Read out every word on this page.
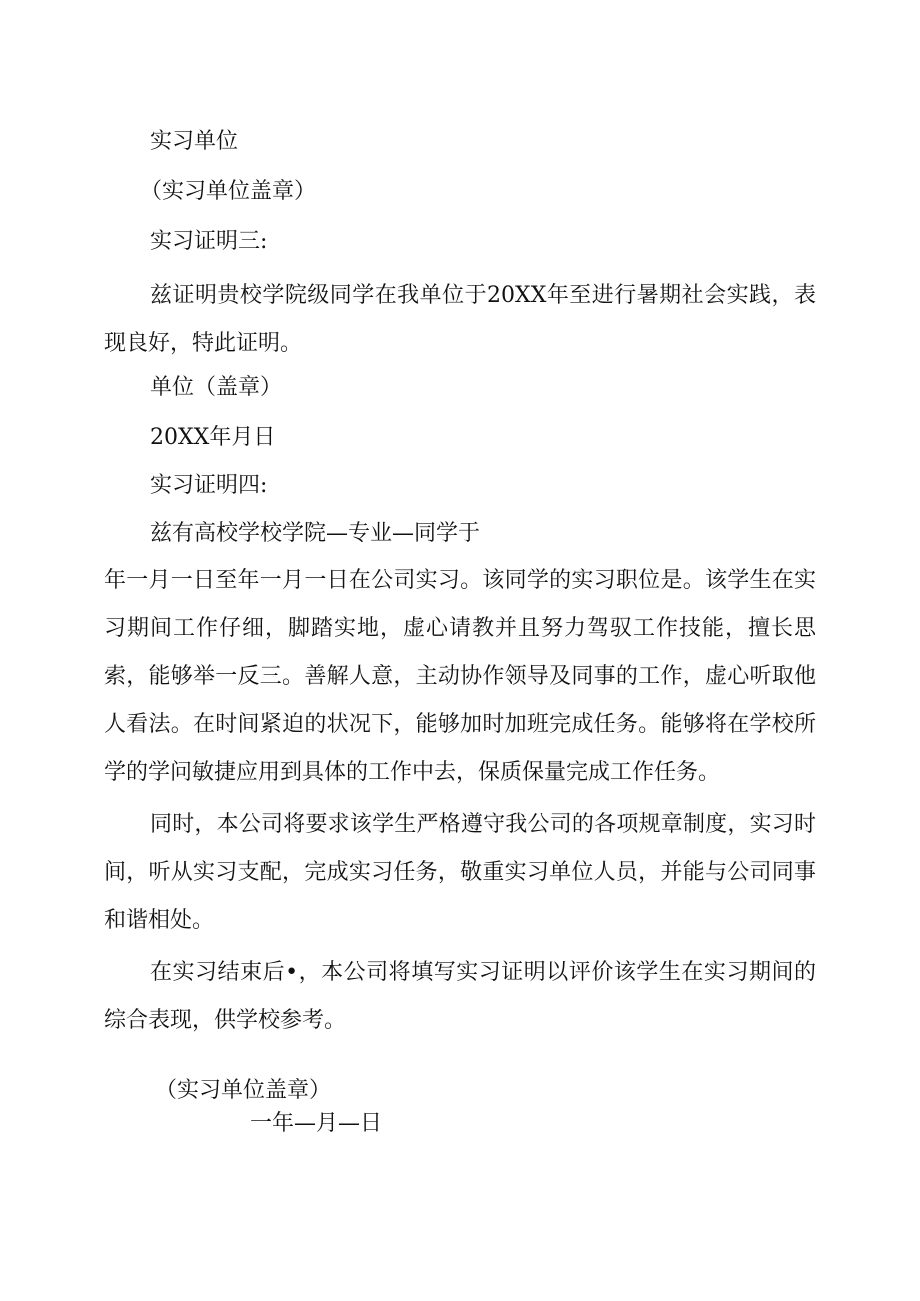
实习单位
（实习单位盖章）
实习证明三:
兹证明贵校学院级同学在我单位于20XX年至进行暑期社会实践，表现良好，特此证明。
单位（盖章）
20XX年月日
实习证明四:
兹有高校学校学院—专业—同学于
年一月一日至年一月一日在公司实习。该同学的实习职位是。该学生在实习期间工作仔细，脚踏实地，虚心请教并且努力驾驭工作技能，擅长思索，能够举一反三。善解人意，主动协作领导及同事的工作，虚心听取他人看法。在时间紧迫的状况下，能够加时加班完成任务。能够将在学校所学的学问敏捷应用到具体的工作中去，保质保量完成工作任务。
同时，本公司将要求该学生严格遵守我公司的各项规章制度，实习时间，听从实习支配，完成实习任务，敬重实习单位人员，并能与公司同事和谐相处。
在实习结束后•，本公司将填写实习证明以评价该学生在实习期间的综合表现，供学校参考。
（实习单位盖章）
一年—月—日
